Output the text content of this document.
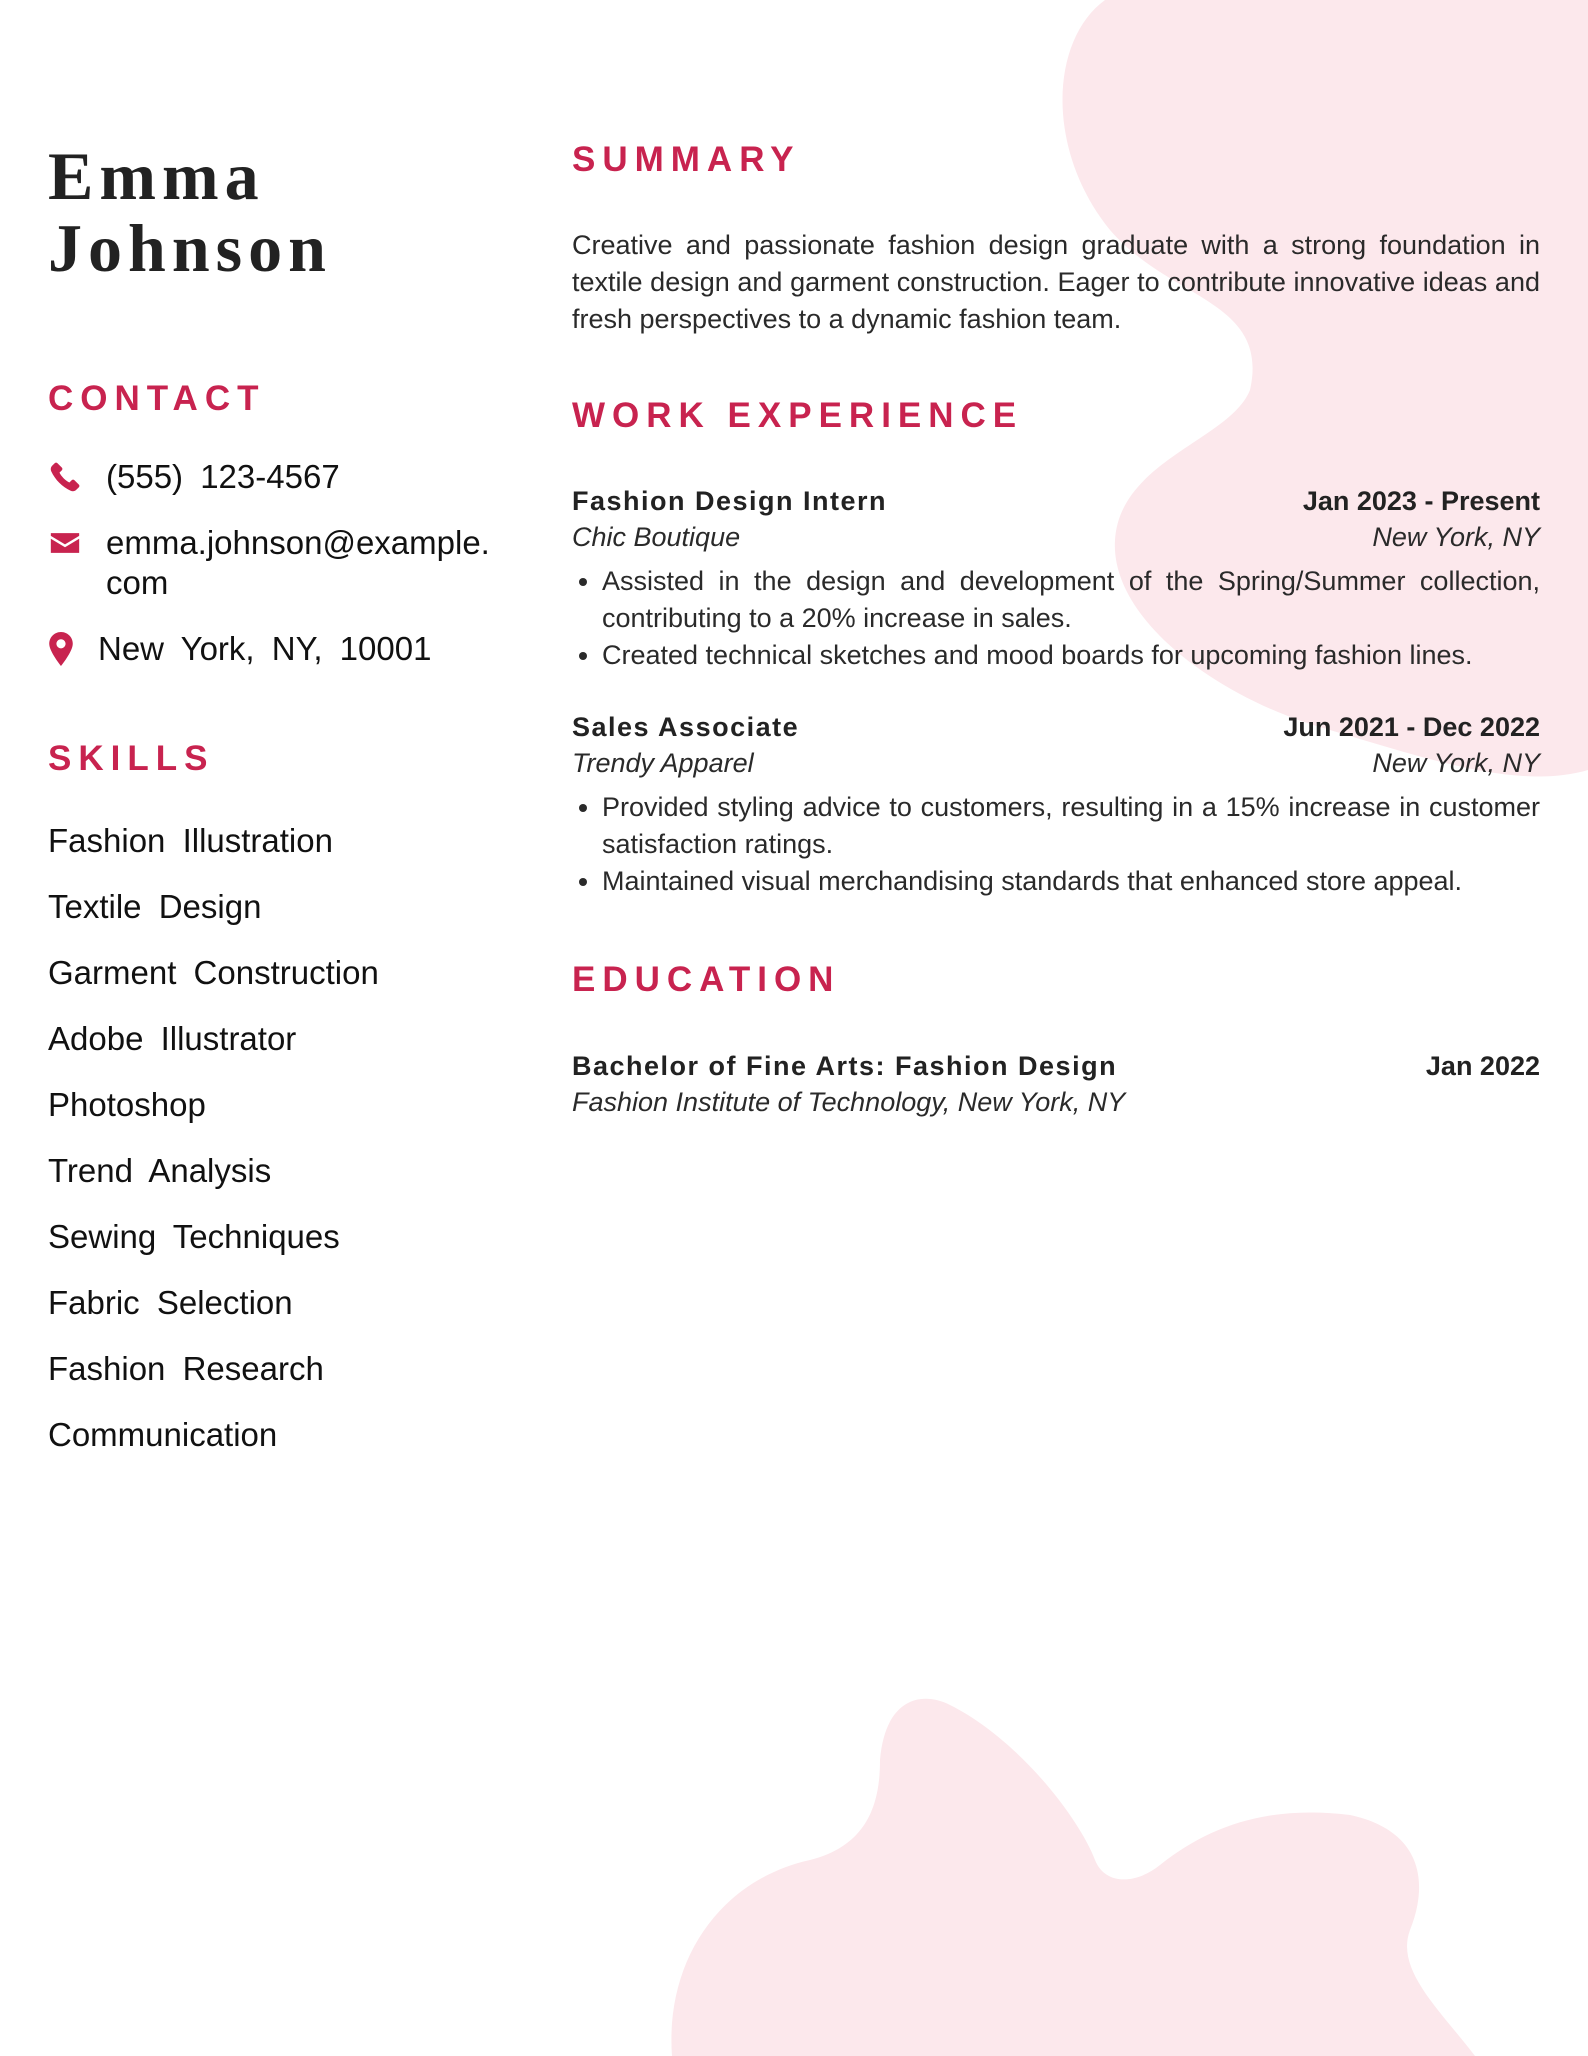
Emma
Johnson
CONTACT
(555) 123-4567
emma.johnson@example.com
New York, NY, 10001
SKILLS
Fashion Illustration
Textile Design
Garment Construction
Adobe Illustrator
Photoshop
Trend Analysis
Sewing Techniques
Fabric Selection
Fashion Research
Communication
SUMMARY

Creative and passionate fashion design graduate with a strong foundation in textile design and garment construction. Eager to contribute innovative ideas and fresh perspectives to a dynamic fashion team.

WORK EXPERIENCE
Fashion Design Intern	Jan 2023 - Present
Chic Boutique	New York, NY
• Assisted in the design and development of the Spring/Summer collection, contributing to a 20% increase in sales.
• Created technical sketches and mood boards for upcoming fashion lines.
Sales Associate	Jun 2021 - Dec 2022
Trendy Apparel	New York, NY
• Provided styling advice to customers, resulting in a 15% increase in customer satisfaction ratings.
• Maintained visual merchandising standards that enhanced store appeal.
EDUCATION
Bachelor of Fine Arts: Fashion Design	Jan 2022
Fashion Institute of Technology, New York, NY
